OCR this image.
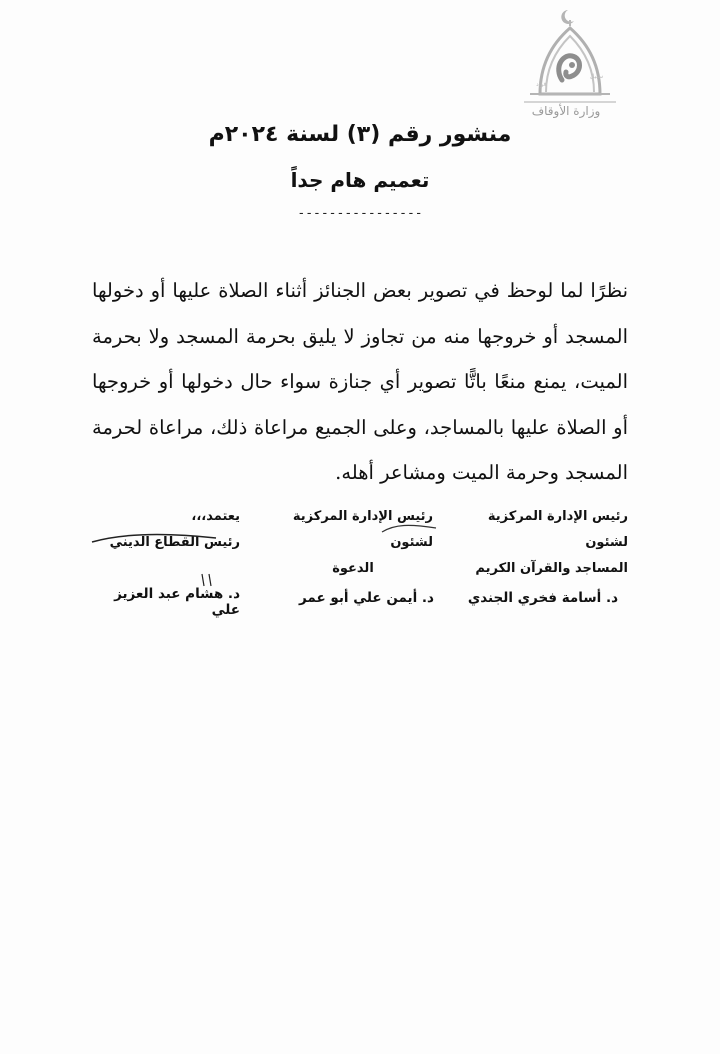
فؤاد
سبيل
وزارة الأوقاف
منشور رقم (٣) لسنة ٢٠٢٤م
تعميم هام جداً
----------------
نظرًا لما لوحظ في تصوير بعض الجنائز أثناء الصلاة عليها أو دخولها المسجد أو خروجها منه من تجاوز لا يليق بحرمة المسجد ولا بحرمة الميت، يمنع منعًا باتًّا تصوير أي جنازة سواء حال دخولها أو خروجها أو الصلاة عليها بالمساجد، وعلى الجميع مراعاة ذلك، مراعاة لحرمة المسجد وحرمة الميت ومشاعر أهله.
رئيس الإدارة المركزية لشئون
المساجد والقرآن الكريم
رئيس الإدارة المركزية لشئون
الدعوة
يعتمد،،،
رئيس القطاع الديني
د. أسامة فخري الجندي
د. أيمن علي أبو عمر
د. هشام عبد العزيز علي
